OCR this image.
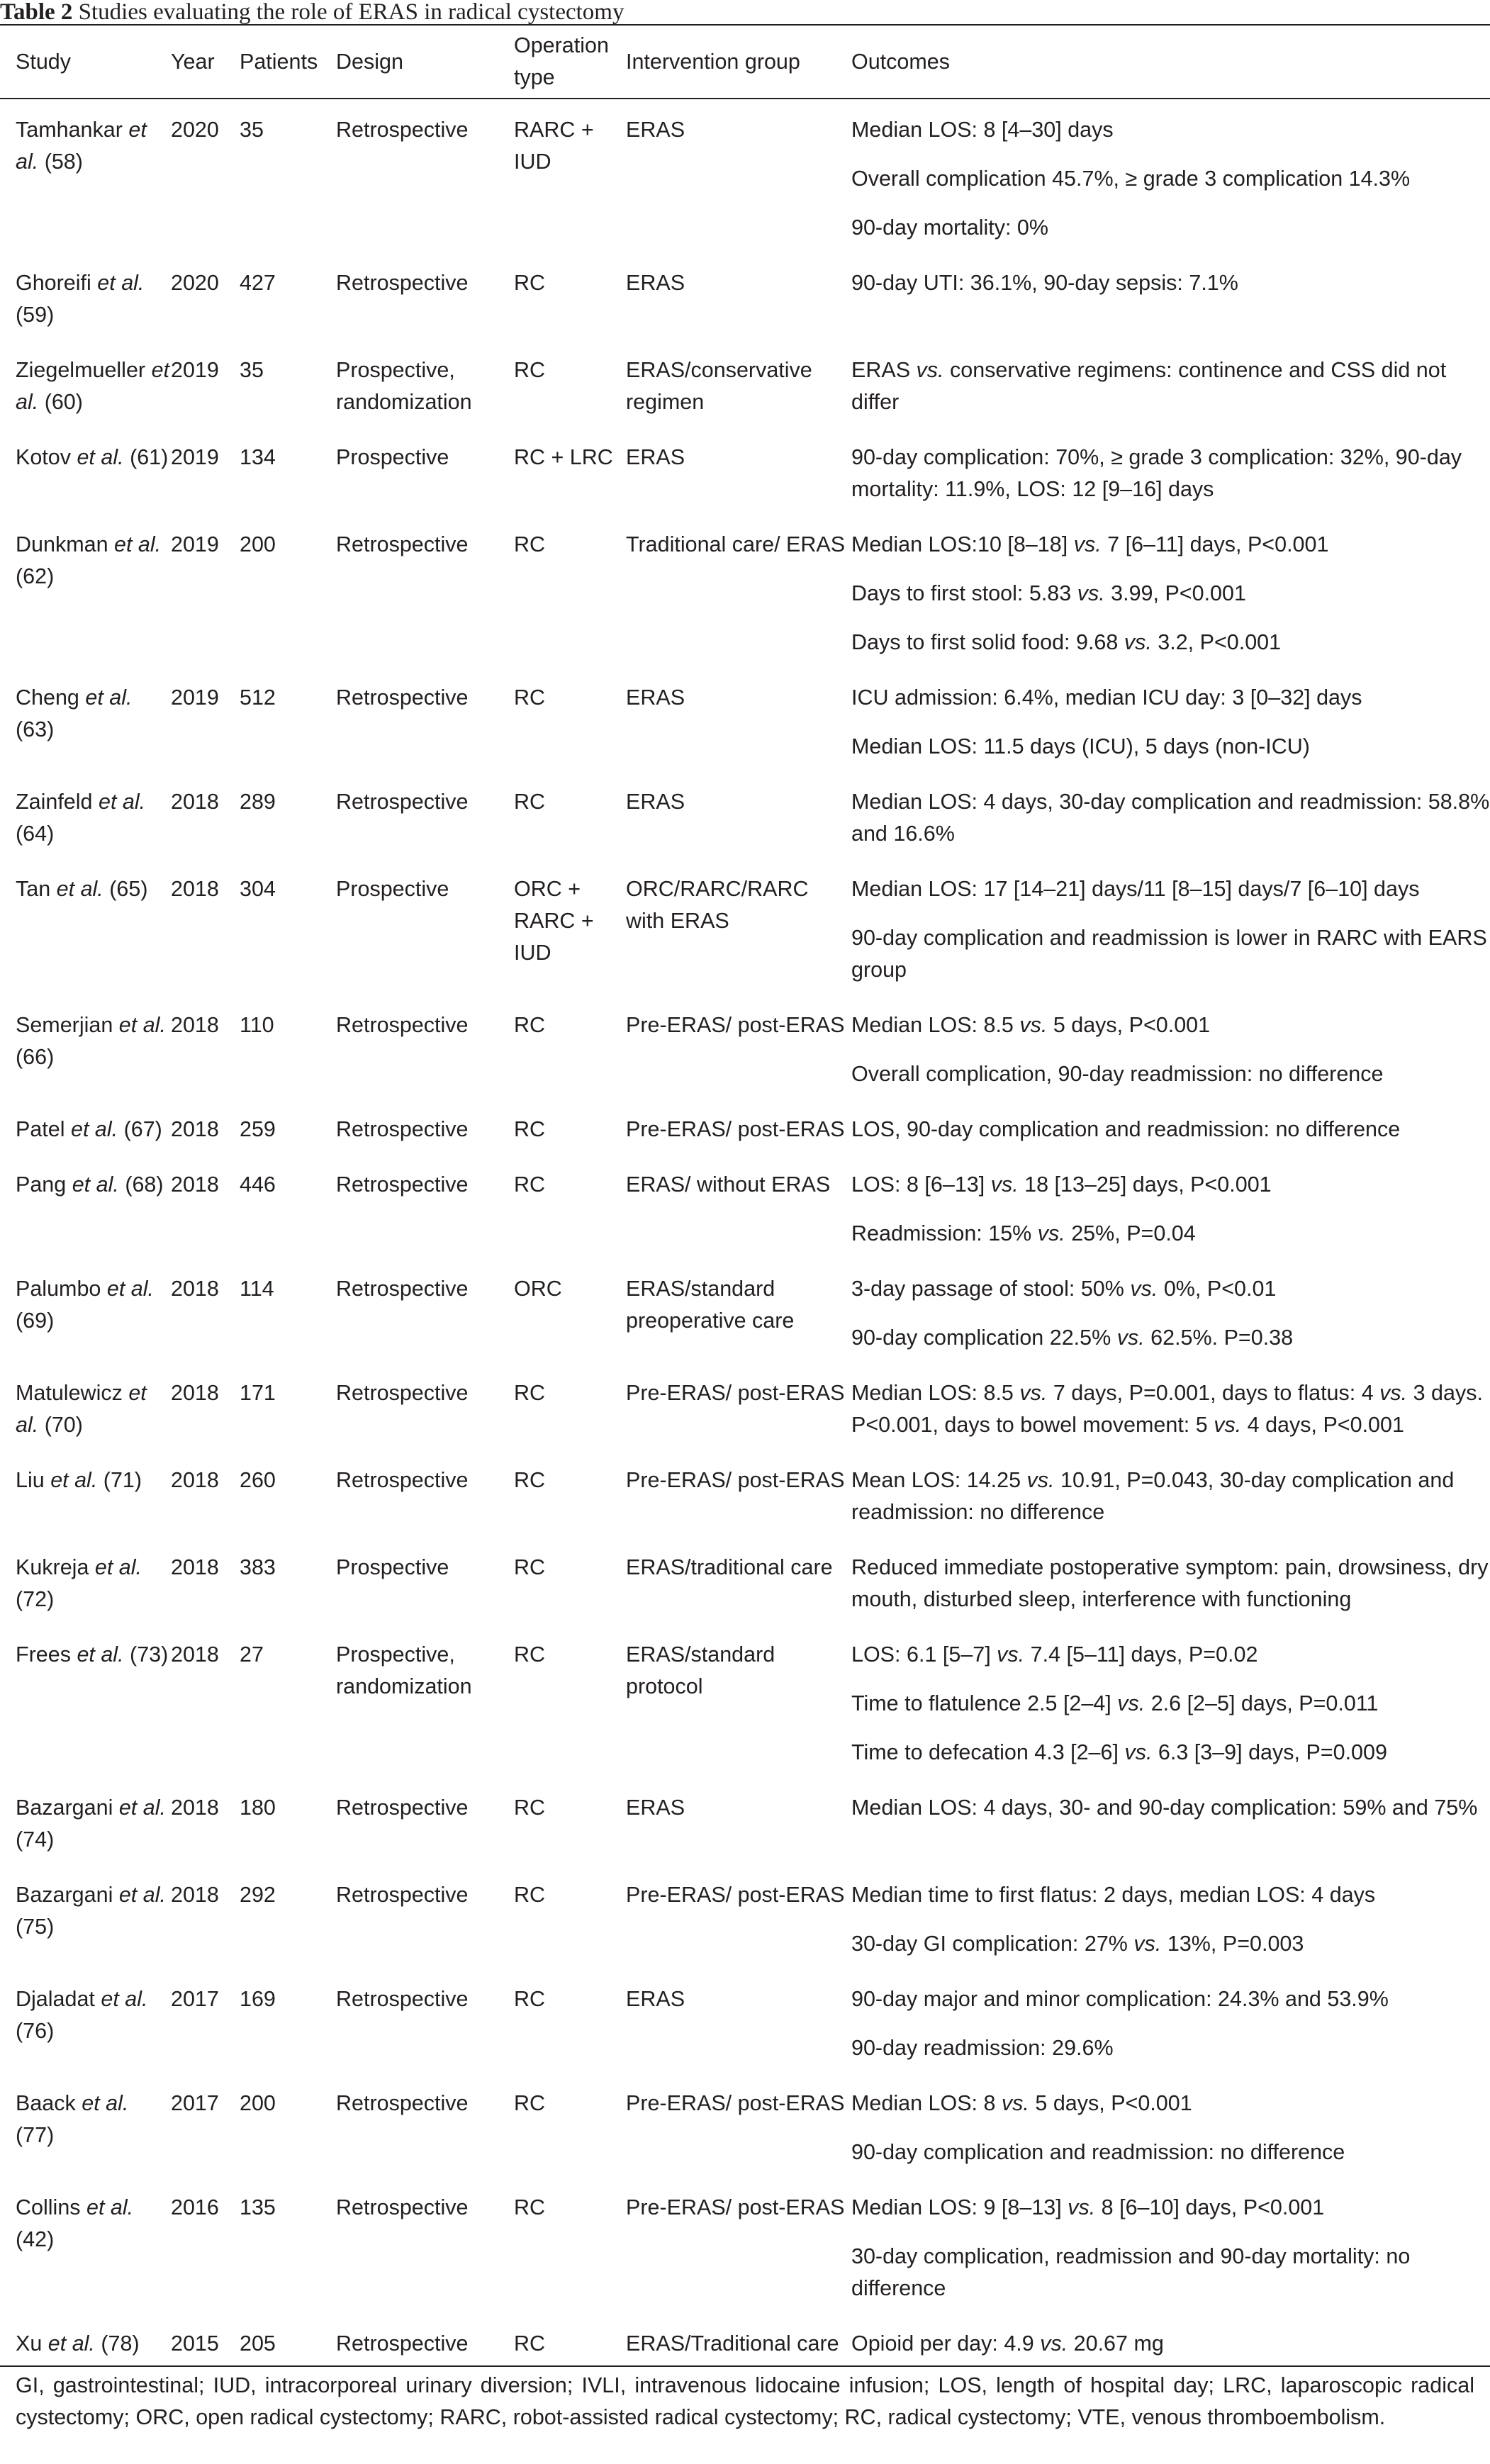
Table 2 Studies evaluating the role of ERAS in radical cystectomy
Study	Year	Patients	Design	Operation type	Intervention group	Outcomes
Tamhankar et al. (58)	2020	35	Retrospective	RARC + IUD	ERAS	Median LOS: 8 [4–30] days
						Overall complication 45.7%, ≥ grade 3 complication 14.3%
						90-day mortality: 0%
Ghoreifi et al. (59)	2020	427	Retrospective	RC	ERAS	90-day UTI: 36.1%, 90-day sepsis: 7.1%
Ziegelmueller et al. (60)	2019	35	Prospective, randomization	RC	ERAS/conservative regimen	ERAS vs. conservative regimens: continence and CSS did not differ
Kotov et al. (61)	2019	134	Prospective	RC + LRC	ERAS	90-day complication: 70%, ≥ grade 3 complication: 32%, 90-day mortality: 11.9%, LOS: 12 [9–16] days
Dunkman et al. (62)	2019	200	Retrospective	RC	Traditional care/ ERAS	Median LOS:10 [8–18] vs. 7 [6–11] days, P<0.001
						Days to first stool: 5.83 vs. 3.99, P<0.001
						Days to first solid food: 9.68 vs. 3.2, P<0.001
Cheng et al. (63)	2019	512	Retrospective	RC	ERAS	ICU admission: 6.4%, median ICU day: 3 [0–32] days
						Median LOS: 11.5 days (ICU), 5 days (non-ICU)
Zainfeld et al. (64)	2018	289	Retrospective	RC	ERAS	Median LOS: 4 days, 30-day complication and readmission: 58.8% and 16.6%
Tan et al. (65)	2018	304	Prospective	ORC + RARC + IUD	ORC/RARC/RARC with ERAS	Median LOS: 17 [14–21] days/11 [8–15] days/7 [6–10] days
						90-day complication and readmission is lower in RARC with EARS group
Semerjian et al. (66)	2018	110	Retrospective	RC	Pre-ERAS/ post-ERAS	Median LOS: 8.5 vs. 5 days, P<0.001
						Overall complication, 90-day readmission: no difference
Patel et al. (67)	2018	259	Retrospective	RC	Pre-ERAS/ post-ERAS	LOS, 90-day complication and readmission: no difference
Pang et al. (68)	2018	446	Retrospective	RC	ERAS/ without ERAS	LOS: 8 [6–13] vs. 18 [13–25] days, P<0.001
						Readmission: 15% vs. 25%, P=0.04
Palumbo et al. (69)	2018	114	Retrospective	ORC	ERAS/standard preoperative care	3-day passage of stool: 50% vs. 0%, P<0.01
						90-day complication 22.5% vs. 62.5%. P=0.38
Matulewicz et al. (70)	2018	171	Retrospective	RC	Pre-ERAS/ post-ERAS	Median LOS: 8.5 vs. 7 days, P=0.001, days to flatus: 4 vs. 3 days. P<0.001, days to bowel movement: 5 vs. 4 days, P<0.001
Liu et al. (71)	2018	260	Retrospective	RC	Pre-ERAS/ post-ERAS	Mean LOS: 14.25 vs. 10.91, P=0.043, 30-day complication and readmission: no difference
Kukreja et al. (72)	2018	383	Prospective	RC	ERAS/traditional care	Reduced immediate postoperative symptom: pain, drowsiness, dry mouth, disturbed sleep, interference with functioning
Frees et al. (73)	2018	27	Prospective, randomization	RC	ERAS/standard protocol	LOS: 6.1 [5–7] vs. 7.4 [5–11] days, P=0.02
						Time to flatulence 2.5 [2–4] vs. 2.6 [2–5] days, P=0.011
						Time to defecation 4.3 [2–6] vs. 6.3 [3–9] days, P=0.009
Bazargani et al. (74)	2018	180	Retrospective	RC	ERAS	Median LOS: 4 days, 30- and 90-day complication: 59% and 75%
Bazargani et al. (75)	2018	292	Retrospective	RC	Pre-ERAS/ post-ERAS	Median time to first flatus: 2 days, median LOS: 4 days
						30-day GI complication: 27% vs. 13%, P=0.003
Djaladat et al. (76)	2017	169	Retrospective	RC	ERAS	90-day major and minor complication: 24.3% and 53.9%
						90-day readmission: 29.6%
Baack et al. (77)	2017	200	Retrospective	RC	Pre-ERAS/ post-ERAS	Median LOS: 8 vs. 5 days, P<0.001
						90-day complication and readmission: no difference
Collins et al. (42)	2016	135	Retrospective	RC	Pre-ERAS/ post-ERAS	Median LOS: 9 [8–13] vs. 8 [6–10] days, P<0.001
						30-day complication, readmission and 90-day mortality: no difference
Xu et al. (78)	2015	205	Retrospective	RC	ERAS/Traditional care	Opioid per day: 4.9 vs. 20.67 mg
GI, gastrointestinal; IUD, intracorporeal urinary diversion; IVLI, intravenous lidocaine infusion; LOS, length of hospital day; LRC, laparoscopic radical cystectomy; ORC, open radical cystectomy; RARC, robot-assisted radical cystectomy; RC, radical cystectomy; VTE, venous thromboembolism.
